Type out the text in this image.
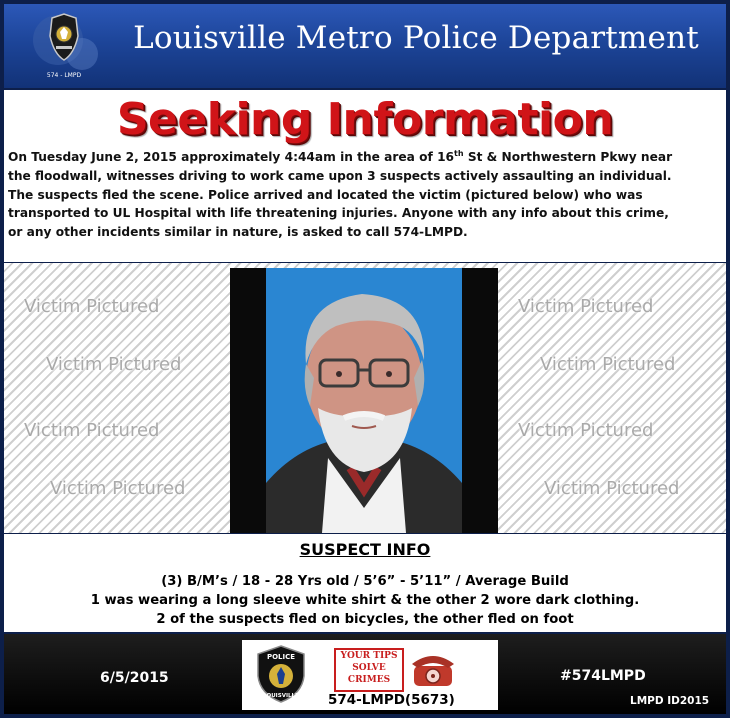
574 - LMPD
Louisville Metro Police Department
Seeking Information
On Tuesday June 2, 2015 approximately 4:44am in the area of 16th St & Northwestern Pkwy near
the floodwall, witnesses driving to work came upon 3 suspects actively assaulting an individual.
The suspects fled the scene. Police arrived and located the victim (pictured below) who was
transported to UL Hospital with life threatening injuries. Anyone with any info about this crime,
or any other incidents similar in nature, is asked to call 574-LMPD.
Victim Pictured
Victim Pictured
Victim Pictured
Victim Pictured
Victim Pictured
Victim Pictured
Victim Pictured
Victim Pictured
SUSPECT INFO
(3) B/M’s / 18 - 28 Yrs old / 5’6” - 5’11” / Average Build
1 was wearing a long sleeve white shirt & the other 2 wore dark clothing.
2 of the suspects fled on bicycles, the other fled on foot
6/5/2015
POLICE
LOUISVILLE
YOUR TIPS
SOLVE
CRIMES
574-LMPD(5673)
#574LMPD
LMPD ID2015
